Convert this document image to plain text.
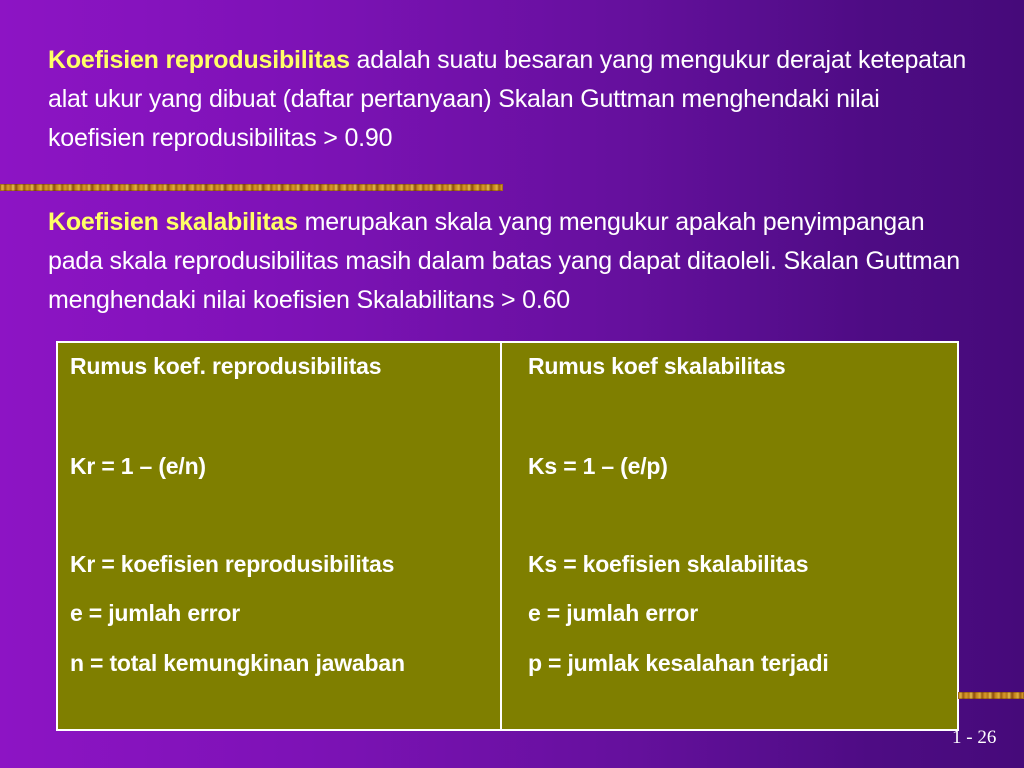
Koefisien reprodusibilitas adalah suatu besaran yang mengukur derajat ketepatan alat ukur yang dibuat (daftar pertanyaan) Skalan Guttman menghendaki nilai koefisien reprodusibilitas > 0.90
Koefisien skalabilitas merupakan skala yang mengukur apakah penyimpangan pada skala reprodusibilitas masih dalam batas yang dapat ditaoleli. Skalan Guttman menghendaki nilai koefisien Skalabilitans > 0.60
Rumus koef. reprodusibilitas
Kr = 1 – (e/n)
Kr = koefisien reprodusibilitas
e = jumlah error
n = total kemungkinan jawaban

Rumus koef skalabilitas
Ks = 1 – (e/p)
Ks = koefisien skalabilitas
e = jumlah error
p = jumlak kesalahan terjadi
1 - 26
